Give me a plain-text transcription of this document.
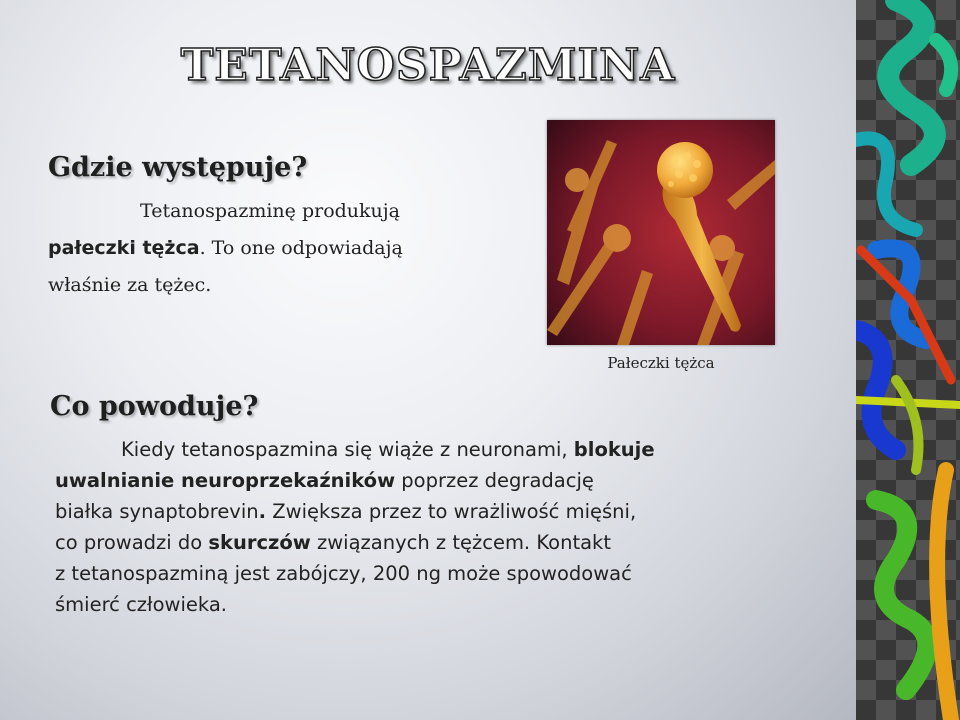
TETANOSPAZMINA
Gdzie występuje?
Tetanospazminę produkują
pałeczki tężca. To one odpowiadają
właśnie za tężec.
Pałeczki tężca
Co powoduje?
Kiedy tetanospazmina się wiąże z neuronami, blokuje
uwalnianie neuroprzekaźników poprzez degradację
białka synaptobrevin. Zwiększa przez to wrażliwość mięśni,
co prowadzi do skurczów związanych z tężcem. Kontakt
z tetanospazminą jest zabójczy, 200 ng może spowodować
śmierć człowieka.
